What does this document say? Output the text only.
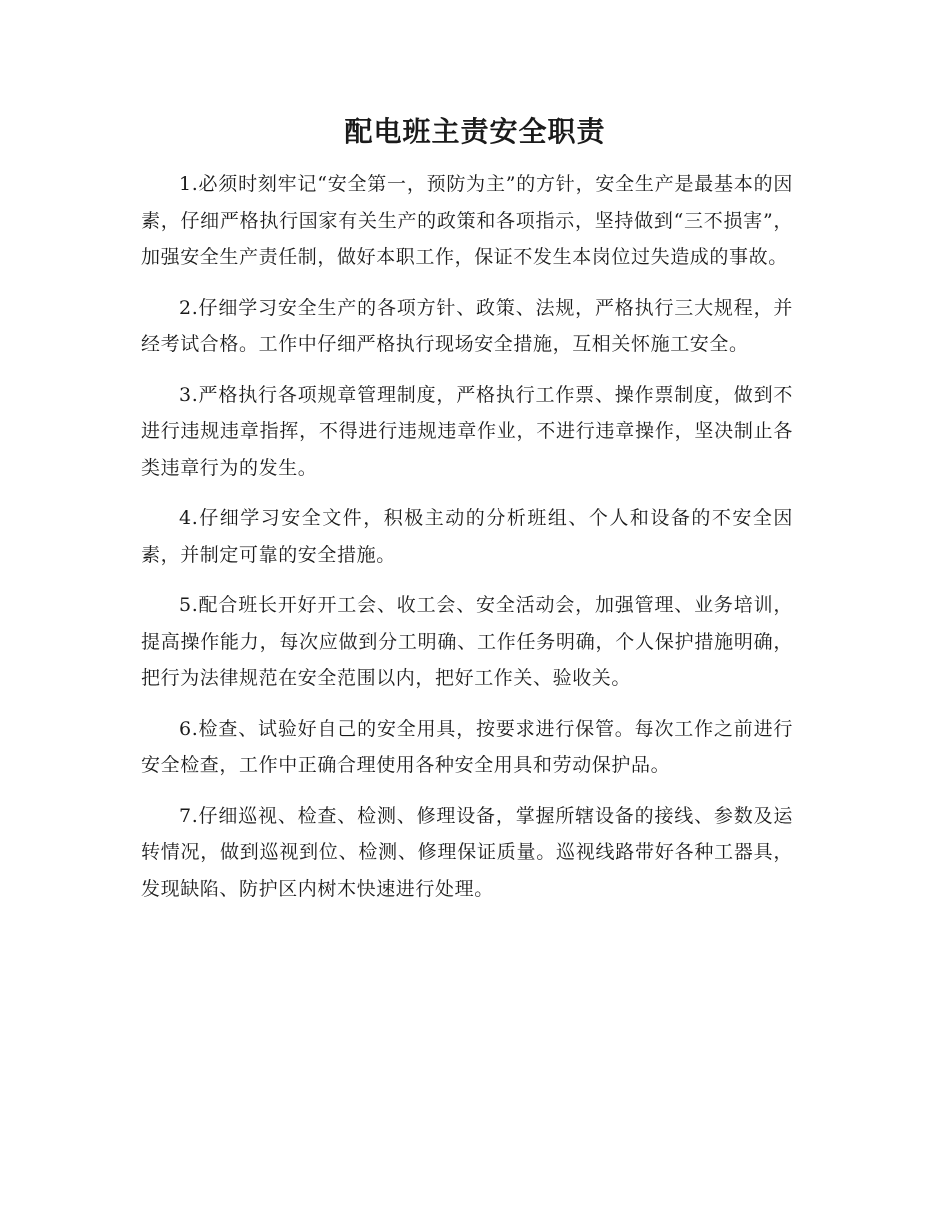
配电班主责安全职责

1.必须时刻牢记“安全第一，预防为主”的方针，安全生产是最基本的因素，仔细严格执行国家有关生产的政策和各项指示，坚持做到“三不损害”，加强安全生产责任制，做好本职工作，保证不发生本岗位过失造成的事故。

2.仔细学习安全生产的各项方针、政策、法规，严格执行三大规程，并经考试合格。工作中仔细严格执行现场安全措施，互相关怀施工安全。

3.严格执行各项规章管理制度，严格执行工作票、操作票制度，做到不进行违规违章指挥，不得进行违规违章作业，不进行违章操作，坚决制止各类违章行为的发生。

4.仔细学习安全文件，积极主动的分析班组、个人和设备的不安全因素，并制定可靠的安全措施。

5.配合班长开好开工会、收工会、安全活动会，加强管理、业务培训，提高操作能力，每次应做到分工明确、工作任务明确，个人保护措施明确，把行为法律规范在安全范围以内，把好工作关、验收关。

6.检查、试验好自己的安全用具，按要求进行保管。每次工作之前进行安全检查，工作中正确合理使用各种安全用具和劳动保护品。

7.仔细巡视、检查、检测、修理设备，掌握所辖设备的接线、参数及运转情况，做到巡视到位、检测、修理保证质量。巡视线路带好各种工器具，发现缺陷、防护区内树木快速进行处理。
